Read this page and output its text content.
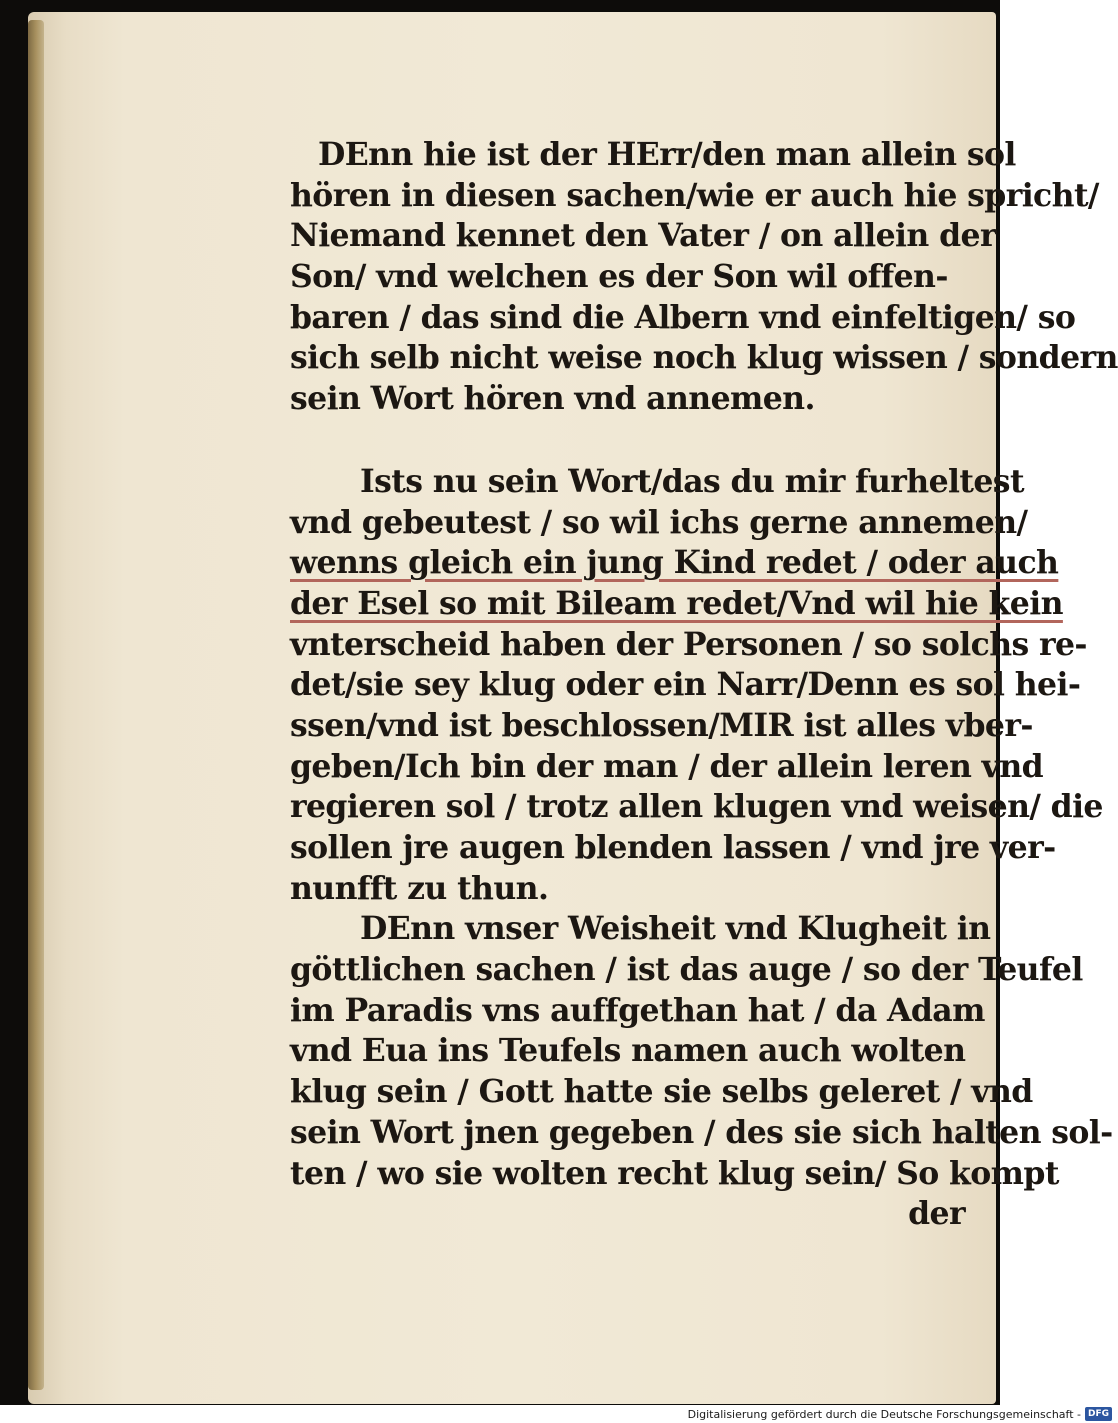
DEnn hie ist der HErr/den man allein sol
hören in diesen sachen/wie er auch hie spricht/
Niemand kennet den Vater / on allein der
Son/ vnd welchen es der Son wil offen-
baren / das sind die Albern vnd einfeltigen/ so
sich selb nicht weise noch klug wissen / sondern
sein Wort hören vnd annemen.
Ists nu sein Wort/das du mir furheltest
vnd gebeutest / so wil ichs gerne annemen/
wenns gleich ein jung Kind redet / oder auch
der Esel so mit Bileam redet/Vnd wil hie kein
vnterscheid haben der Personen / so solchs re-
det/sie sey klug oder ein Narr/Denn es sol hei-
ssen/vnd ist beschlossen/MIR ist alles vber-
geben/Ich bin der man / der allein leren vnd
regieren sol / trotz allen klugen vnd weisen/ die
sollen jre augen blenden lassen / vnd jre ver-
nunfft zu thun.
DEnn vnser Weisheit vnd Klugheit in
göttlichen sachen / ist das auge / so der Teufel
im Paradis vns auffgethan hat / da Adam
vnd Eua ins Teufels namen auch wolten
klug sein / Gott hatte sie selbs geleret / vnd
sein Wort jnen gegeben / des sie sich halten sol-
ten / wo sie wolten recht klug sein/ So kompt
der
Digitalisierung gefördert durch die Deutsche Forschungsgemeinschaft - DFG
